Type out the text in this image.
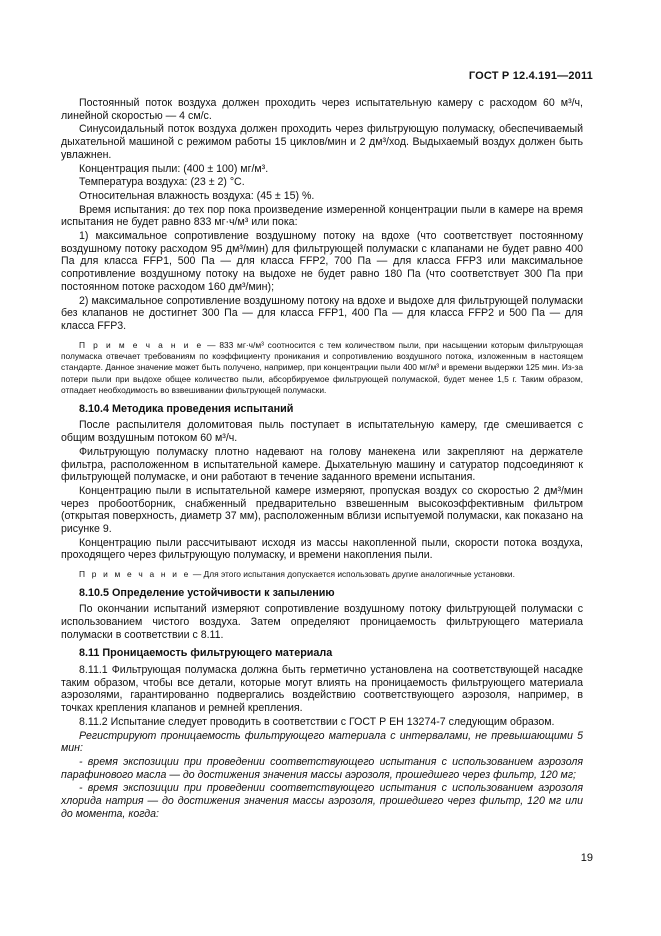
ГОСТ Р 12.4.191—2011

Постоянный поток воздуха должен проходить через испытательную камеру с расходом 60 м³/ч, линейной скоростью — 4 см/с.

Синусоидальный поток воздуха должен проходить через фильтрующую полумаску, обеспечиваемый дыхательной машиной с режимом работы 15 циклов/мин и 2 дм³/ход. Выдыхаемый воздух должен быть увлажнен.

Концентрация пыли: (400 ± 100) мг/м³.

Температура воздуха: (23 ± 2) °С.

Относительная влажность воздуха: (45 ± 15) %.

Время испытания: до тех пор пока произведение измеренной концентрации пыли в камере на время испытания не будет равно 833 мг·ч/м³ или пока:

1) максимальное сопротивление воздушному потоку на вдохе (что соответствует постоянному воздушному потоку расходом 95 дм³/мин) для фильтрующей полумаски с клапанами не будет равно 400 Па для класса FFP1, 500 Па — для класса FFP2, 700 Па — для класса FFP3 или максимальное сопротивление воздушному потоку на выдохе не будет равно 180 Па (что соответствует 300 Па при постоянном потоке расходом 160 дм³/мин);

2) максимальное сопротивление воздушному потоку на вдохе и выдохе для фильтрующей полумаски без клапанов не достигнет 300 Па — для класса FFP1, 400 Па — для класса FFP2 и 500 Па — для класса FFP3.

П р и м е ч а н и е — 833 мг·ч/м³ соотносится с тем количеством пыли, при насыщении которым фильтрующая полумаска отвечает требованиям по коэффициенту проникания и сопротивлению воздушного потока, изложенным в настоящем стандарте. Данное значение может быть получено, например, при концентрации пыли 400 мг/м³ и времени выдержки 125 мин. Из-за потери пыли при выдохе общее количество пыли, абсорбируемое фильтрующей полумаской, будет менее 1,5 г. Таким образом, отпадает необходимость во взвешивании фильтрующей полумаски.

8.10.4 Методика проведения испытаний

После распылителя доломитовая пыль поступает в испытательную камеру, где смешивается с общим воздушным потоком 60 м³/ч.

Фильтрующую полумаску плотно надевают на голову манекена или закрепляют на держателе фильтра, расположенном в испытательной камере. Дыхательную машину и сатуратор подсоединяют к фильтрующей полумаске, и они работают в течение заданного времени испытания.

Концентрацию пыли в испытательной камере измеряют, пропуская воздух со скоростью 2 дм³/мин через пробоотборник, снабженный предварительно взвешенным высокоэффективным фильтром (открытая поверхность, диаметр 37 мм), расположенным вблизи испытуемой полумаски, как показано на рисунке 9.

Концентрацию пыли рассчитывают исходя из массы накопленной пыли, скорости потока воздуха, проходящего через фильтрующую полумаску, и времени накопления пыли.

П р и м е ч а н и е — Для этого испытания допускается использовать другие аналогичные установки.

8.10.5 Определение устойчивости к запылению

По окончании испытаний измеряют сопротивление воздушному потоку фильтрующей полумаски с использованием чистого воздуха. Затем определяют проницаемость фильтрующего материала полумаски в соответствии с 8.11.

8.11 Проницаемость фильтрующего материала

8.11.1 Фильтрующая полумаска должна быть герметично установлена на соответствующей насадке таким образом, чтобы все детали, которые могут влиять на проницаемость фильтрующего материала аэрозолями, гарантированно подвергались воздействию соответствующего аэрозоля, например, в точках крепления клапанов и ремней крепления.

8.11.2 Испытание следует проводить в соответствии с ГОСТ Р ЕН 13274-7 следующим образом.

Регистрируют проницаемость фильтрующего материала с интервалами, не превышающими 5 мин:

- время экспозиции при проведении соответствующего испытания с использованием аэрозоля парафинового масла — до достижения значения массы аэрозоля, прошедшего через фильтр, 120 мг;

- время экспозиции при проведении соответствующего испытания с использованием аэрозоля хлорида натрия — до достижения значения массы аэрозоля, прошедшего через фильтр, 120 мг или до момента, когда:

19
